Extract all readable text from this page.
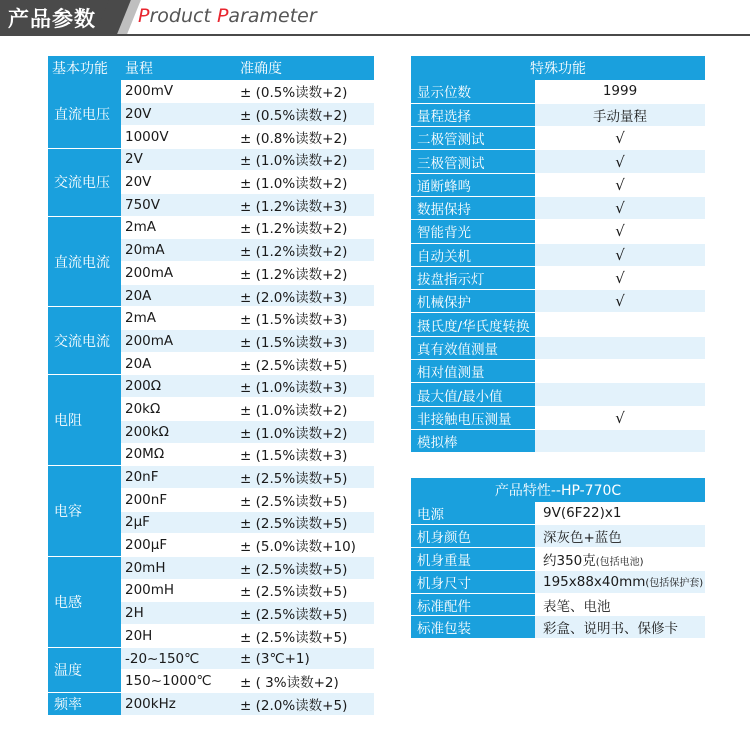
产品参数 Product Parameter
基本功能	量程	准确度
直流电压	200mV	± (0.5%读数+2)
	20V	± (0.5%读数+2)
	1000V	± (0.8%读数+2)
交流电压	2V	± (1.0%读数+2)
	20V	± (1.0%读数+2)
	750V	± (1.2%读数+3)
直流电流	2mA	± (1.2%读数+2)
	20mA	± (1.2%读数+2)
	200mA	± (1.2%读数+2)
	20A	± (2.0%读数+3)
交流电流	2mA	± (1.5%读数+3)
	200mA	± (1.5%读数+3)
	20A	± (2.5%读数+5)
电阻	200Ω	± (1.0%读数+3)
	20kΩ	± (1.0%读数+2)
	200kΩ	± (1.0%读数+2)
	20MΩ	± (1.5%读数+3)
电容	20nF	± (2.5%读数+5)
	200nF	± (2.5%读数+5)
	2μF	± (2.5%读数+5)
	200μF	± (5.0%读数+10)
电感	20mH	± (2.5%读数+5)
	200mH	± (2.5%读数+5)
	2H	± (2.5%读数+5)
	20H	± (2.5%读数+5)
温度	-20~150℃	± (3℃+1)
	150~1000℃	± ( 3%读数+2)
频率	200kHz	± (2.0%读数+5)
特殊功能	
显示位数	1999
量程选择	手动量程
二极管测试	√
三极管测试	√
通断蜂鸣	√
数据保持	√
智能背光	√
自动关机	√
拔盘指示灯	√
机械保护	√
摄氏度/华氏度转换	
真有效值测量	
相对值测量	
最大值/最小值	
非接触电压测量	√
模拟棒	
产品特性--HP-770C	
电源	9V(6F22)x1
机身颜色	深灰色+蓝色
机身重量	约350克(包括电池)
机身尺寸	195x88x40mm(包括保护套)
标准配件	表笔、电池
标准包装	彩盒、说明书、保修卡
